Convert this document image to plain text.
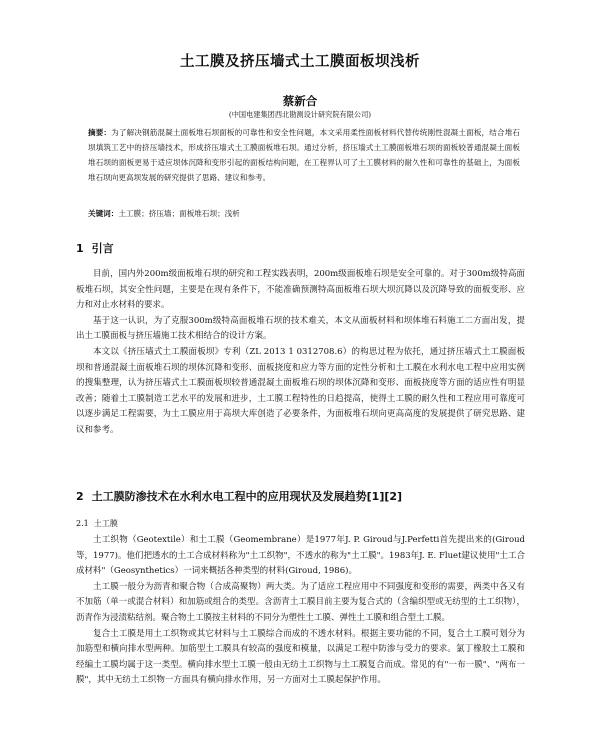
土工膜及挤压墙式土工膜面板坝浅析
蔡新合
(中国电建集团西北勘测设计研究院有限公司)
摘要：为了解决钢筋混凝土面板堆石坝面板的可靠性和安全性问题，本文采用柔性面板材料代替传统刚性混凝土面板，结合堆石坝填筑工艺中的挤压墙技术，形成挤压墙式土工膜面板堆石坝。通过分析，挤压墙式土工膜面板堆石坝的面板较普通混凝土面板堆石坝的面板更易于适应坝体沉降和变形引起的面板结构问题，在工程界认可了土工膜材料的耐久性和可靠性的基础上，为面板堆石坝向更高坝发展的研究提供了思路、建议和参考。
关键词：土工膜；挤压墙；面板堆石坝；浅析
1 引言

目前，国内外200m级面板堆石坝的研究和工程实践表明，200m级面板堆石坝是安全可靠的。对于300m级特高面板堆石坝，其安全性问题，主要是在现有条件下，不能准确预测特高面板堆石坝大坝沉降以及沉降导致的面板变形、应力和对止水材料的要求。

基于这一认识，为了克服300m级特高面板堆石坝的技术难关，本文从面板材料和坝体堆石料施工二方面出发，提出土工膜面板与挤压墙施工技术相结合的设计方案。

本文以《挤压墙式土工膜面板坝》专利（ZL 2013 1 0312708.6）的构思过程为依托，通过挤压墙式土工膜面板坝和普通混凝土面板堆石坝的坝体沉降和变形、面板挠度和应力等方面的定性分析和土工膜在水利水电工程中应用实例的搜集整理，认为挤压墙式土工膜面板坝较普通混凝土面板堆石坝的坝体沉降和变形、面板挠度等方面的适应性有明显改善；随着土工膜制造工艺水平的发展和进步，土工膜工程特性的日趋提高，使得土工膜的耐久性和工程应用可靠度可以逐步满足工程需要，为土工膜应用于高坝大库创造了必要条件，为面板堆石坝向更高高度的发展提供了研究思路、建议和参考。

2 土工膜防渗技术在水利水电工程中的应用现状及发展趋势[1][2]
2.1 土工膜

土工织物（Geotextile）和土工膜（Geomembrane）是1977年J. P. Giroud与J.Perfetti首先提出来的(Giroud等，1977)。他们把透水的土工合成材料称为"土工织物"，不透水的称为"土工膜"。1983年J. E. Fluet建议使用"土工合成材料"（Geosynthetics）一词来概括各种类型的材料(Giroud, 1986)。

土工膜一般分为沥青和聚合物（合成高聚物）两大类。为了适应工程应用中不同强度和变形的需要，两类中各又有不加筋（单一或混合材料）和加筋或组合的类型。含沥青土工膜目前主要为复合式的（含编织型或无纺型的土工织物），沥青作为浸渍粘结剂。聚合物土工膜按主材料的不同分为塑性土工膜、弹性土工膜和组合型土工膜。

复合土工膜是用土工织物或其它材料与土工膜综合而成的不透水材料。根据主要功能的不同，复合土工膜可划分为加筋型和横向排水型两种。加筋型土工膜具有较高的强度和模量，以满足工程中防渗与受力的要求。氯丁橡胶土工膜和经编土工膜均属于这一类型。横向排水型土工膜一般由无纺土工织物与土工膜复合而成。常见的有"一布一膜"、"两布一膜"，其中无纺土工织物一方面具有横向排水作用，另一方面对土工膜起保护作用。
